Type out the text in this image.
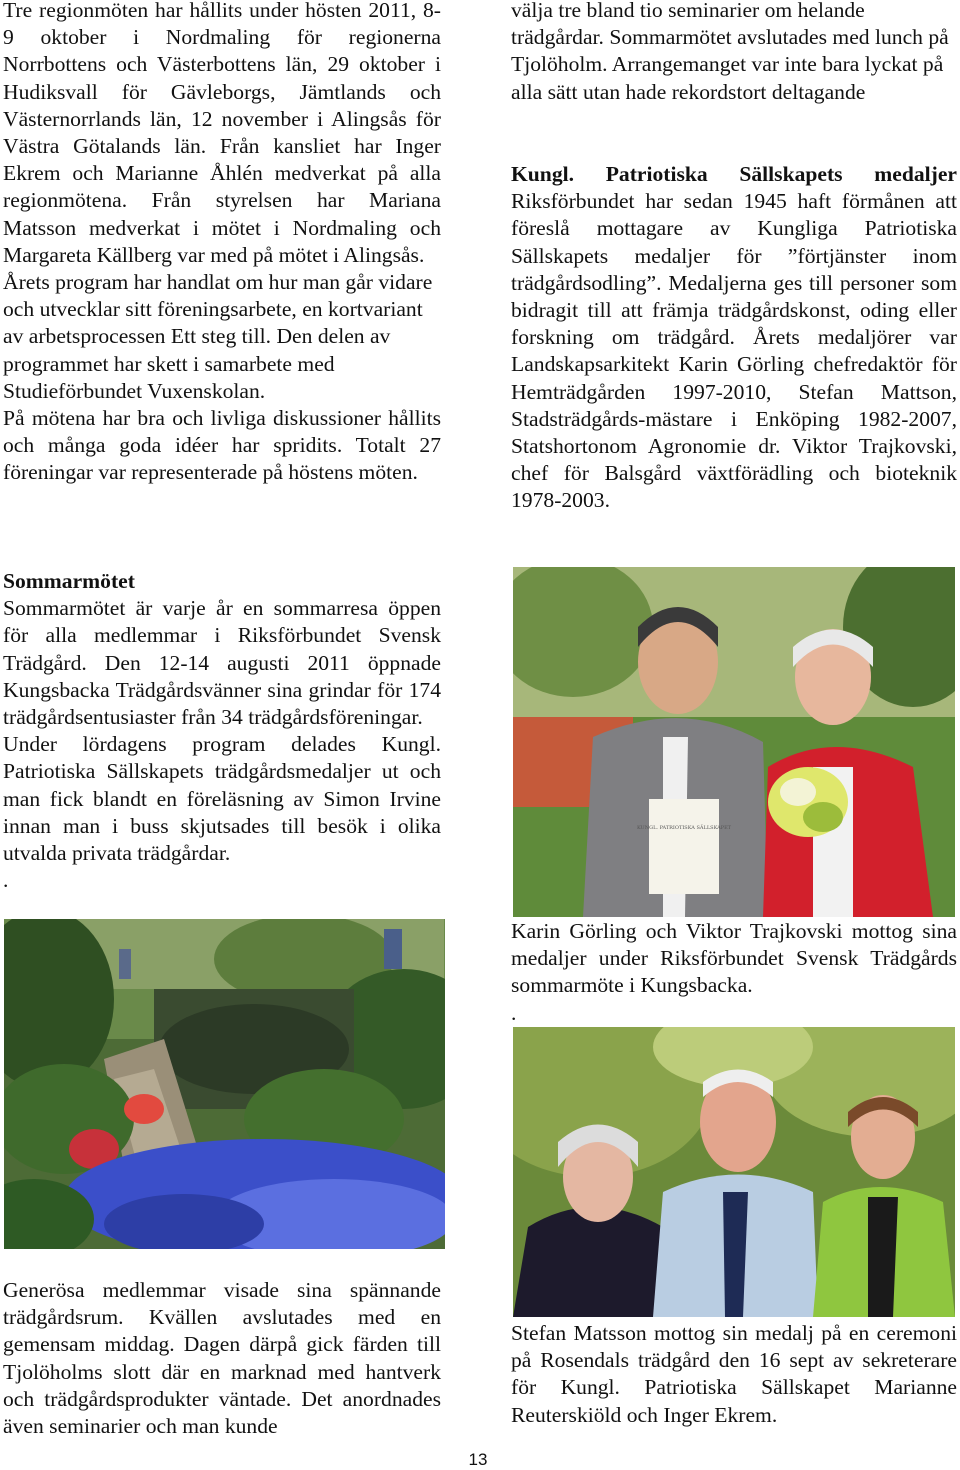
Tre regionmöten har hållits under hösten 2011, 8-9 oktober i Nordmaling för regionerna Norrbottens och Västerbottens län, 29 oktober i Hudiksvall för Gävleborgs, Jämtlands och Västernorrlands län, 12 november i Alingsås för Västra Götalands län. Från kansliet har Inger Ekrem och Marianne Åhlén medverkat på alla regionmötena. Från styrelsen har Mariana Matsson medverkat i mötet i Nordmaling och Margareta Källberg var med på mötet i Alingsås.

Årets program har handlat om hur man går vidare och utvecklar sitt föreningsarbete, en kortvariant av arbetsprocessen Ett steg till. Den delen av programmet har skett i samarbete med Studieförbundet Vuxenskolan.

På mötena har bra och livliga diskussioner hållits och många goda idéer har spridits. Totalt 27 föreningar var representerade på höstens möten.

Sommarmötet

Sommarmötet är varje år en sommarresa öppen för alla medlemmar i Riksförbundet Svensk Trädgård. Den 12-14 augusti 2011 öppnade Kungsbacka Trädgårdsvänner sina grindar för 174 trädgårdsentusiaster från 34 trädgårdsföreningar.

Under lördagens program delades Kungl. Patriotiska Sällskapets trädgårdsmedaljer ut och man fick blandt en föreläsning av Simon Irvine innan man i buss skjutsades till besök i olika utvalda privata trädgårdar.

.

Generösa medlemmar visade sina spännande trädgårdsrum. Kvällen avslutades med en gemensam middag. Dagen därpå gick färden till Tjolöholms slott där en marknad med hantverk och trädgårdsprodukter väntade. Det anordnades även seminarier och man kunde

välja tre bland tio seminarier om helande trädgårdar. Sommarmötet avslutades med lunch på Tjolöholm. Arrangemanget var inte bara lyckat på alla sätt utan hade rekordstort deltagande

Kungl. Patriotiska Sällskapets medaljer

Riksförbundet har sedan 1945 haft förmånen att föreslå mottagare av Kungliga Patriotiska Sällskapets medaljer för ”förtjänster inom trädgårdsodling”. Medaljerna ges till personer som bidragit till att främja trädgårdskonst, oding eller forskning om trädgård. Årets medaljörer var Landskapsarkitekt Karin Görling chefredaktör för Hemträdgården 1997-2010, Stefan Mattson, Stadsträdgårds-mästare i Enköping 1982-2007, Statshortonom Agronomie dr. Viktor Trajkovski, chef för Balsgård växtförädling och bioteknik 1978-2003.

KUNGL. PATRIOTISKA SÄLLSKAPET

Karin Görling och Viktor Trajkovski mottog sina medaljer under Riksförbundet Svensk Trädgårds sommarmöte i Kungsbacka.

.

Stefan Matsson mottog sin medalj på en ceremoni på Rosendals trädgård den 16 sept av sekreterare för Kungl. Patriotiska Sällskapet Marianne Reuterskiöld och Inger Ekrem.

13
